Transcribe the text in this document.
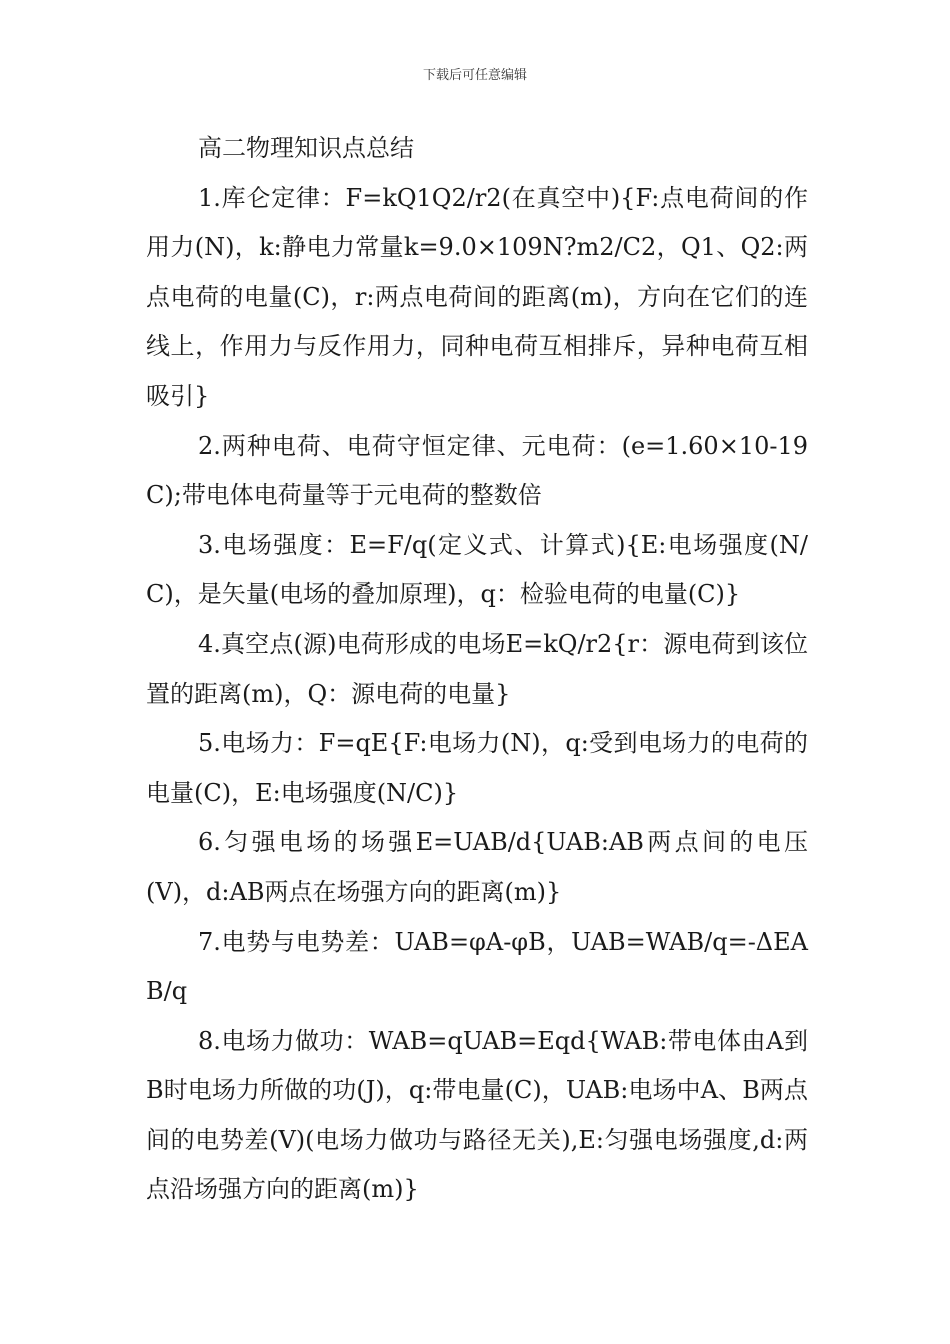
下载后可任意编辑

高二物理知识点总结

1.库仑定律：F=kQ1Q2/r2(在真空中){F:点电荷间的作用力(N)，k:静电力常量k=9.0×109N?m2/C2，Q1、Q2:两点电荷的电量(C)，r:两点电荷间的距离(m)，方向在它们的连线上，作用力与反作用力，同种电荷互相排斥，异种电荷互相吸引}

2.两种电荷、电荷守恒定律、元电荷：(e=1.60×10-19C);带电体电荷量等于元电荷的整数倍

3.电场强度：E=F/q(定义式、计算式){E:电场强度(N/C)，是矢量(电场的叠加原理)，q：检验电荷的电量(C)}

4.真空点(源)电荷形成的电场E=kQ/r2{r：源电荷到该位置的距离(m)，Q：源电荷的电量}

5.电场力：F=qE{F:电场力(N)，q:受到电场力的电荷的电量(C)，E:电场强度(N/C)}

6.匀强电场的场强E=UAB/d{UAB:AB两点间的电压(V)，d:AB两点在场强方向的距离(m)}

7.电势与电势差：UAB=φA-φB，UAB=WAB/q=-ΔEAB/q

8.电场力做功：WAB=qUAB=Eqd{WAB:带电体由A到B时电场力所做的功(J)，q:带电量(C)，UAB:电场中A、B两点间的电势差(V)(电场力做功与路径无关),E:匀强电场强度,d:两点沿场强方向的距离(m)}
